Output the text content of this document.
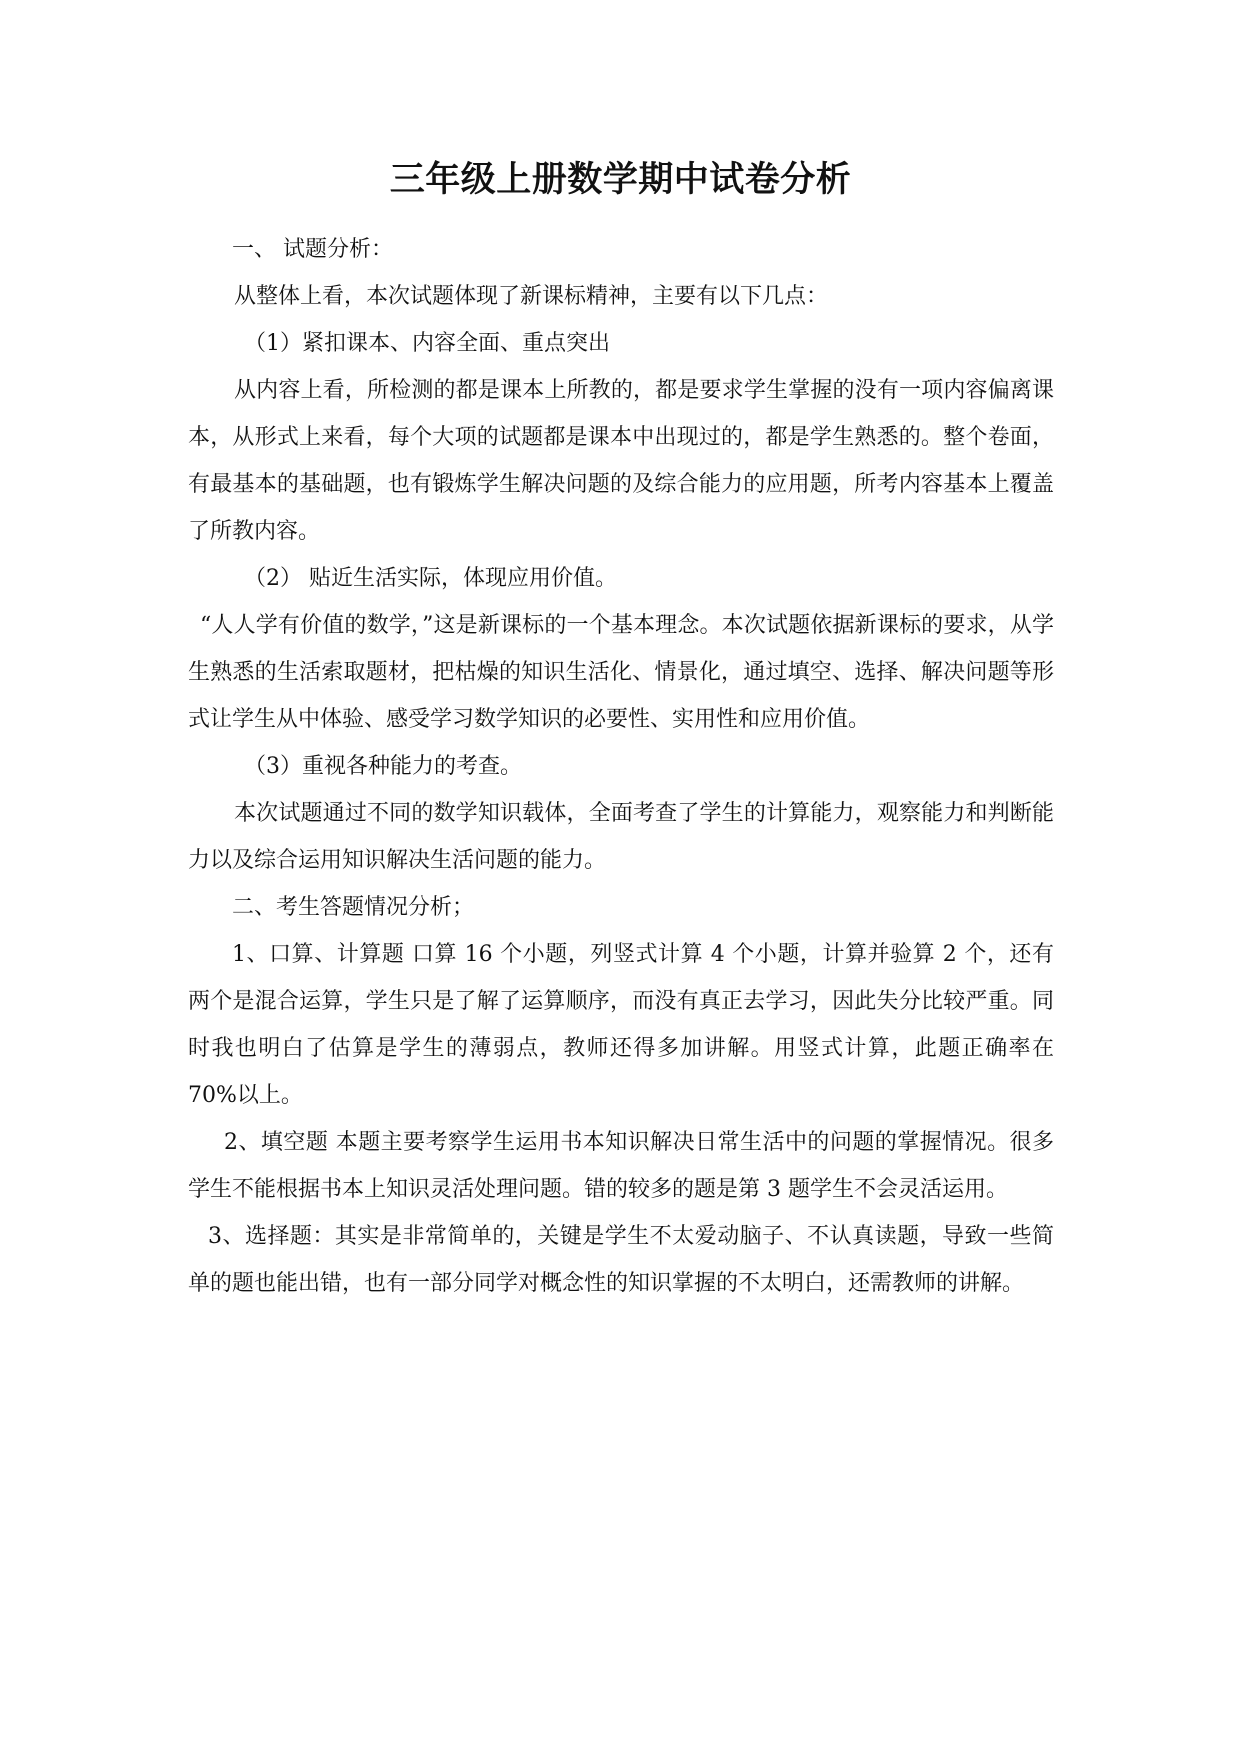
三年级上册数学期中试卷分析

一、 试题分析：

从整体上看，本次试题体现了新课标精神，主要有以下几点：

（1）紧扣课本、内容全面、重点突出

从内容上看，所检测的都是课本上所教的，都是要求学生掌握的没有一项内容偏离课本，从形式上来看，每个大项的试题都是课本中出现过的，都是学生熟悉的。整个卷面，有最基本的基础题，也有锻炼学生解决问题的及综合能力的应用题，所考内容基本上覆盖了所教内容。

（2） 贴近生活实际，体现应用价值。

“人人学有价值的数学，”这是新课标的一个基本理念。本次试题依据新课标的要求，从学生熟悉的生活索取题材，把枯燥的知识生活化、情景化，通过填空、选择、解决问题等形式让学生从中体验、感受学习数学知识的必要性、实用性和应用价值。

（3）重视各种能力的考查。

本次试题通过不同的数学知识载体，全面考查了学生的计算能力，观察能力和判断能力以及综合运用知识解决生活问题的能力。

二、考生答题情况分析；

1、口算、计算题 口算 16 个小题，列竖式计算 4 个小题，计算并验算 2 个，还有两个是混合运算，学生只是了解了运算顺序，而没有真正去学习，因此失分比较严重。同时我也明白了估算是学生的薄弱点，教师还得多加讲解。用竖式计算，此题正确率在 70%以上。

2、填空题 本题主要考察学生运用书本知识解决日常生活中的问题的掌握情况。很多学生不能根据书本上知识灵活处理问题。错的较多的题是第 3 题学生不会灵活运用。

3、选择题：其实是非常简单的，关键是学生不太爱动脑子、不认真读题，导致一些简单的题也能出错，也有一部分同学对概念性的知识掌握的不太明白，还需教师的讲解。
